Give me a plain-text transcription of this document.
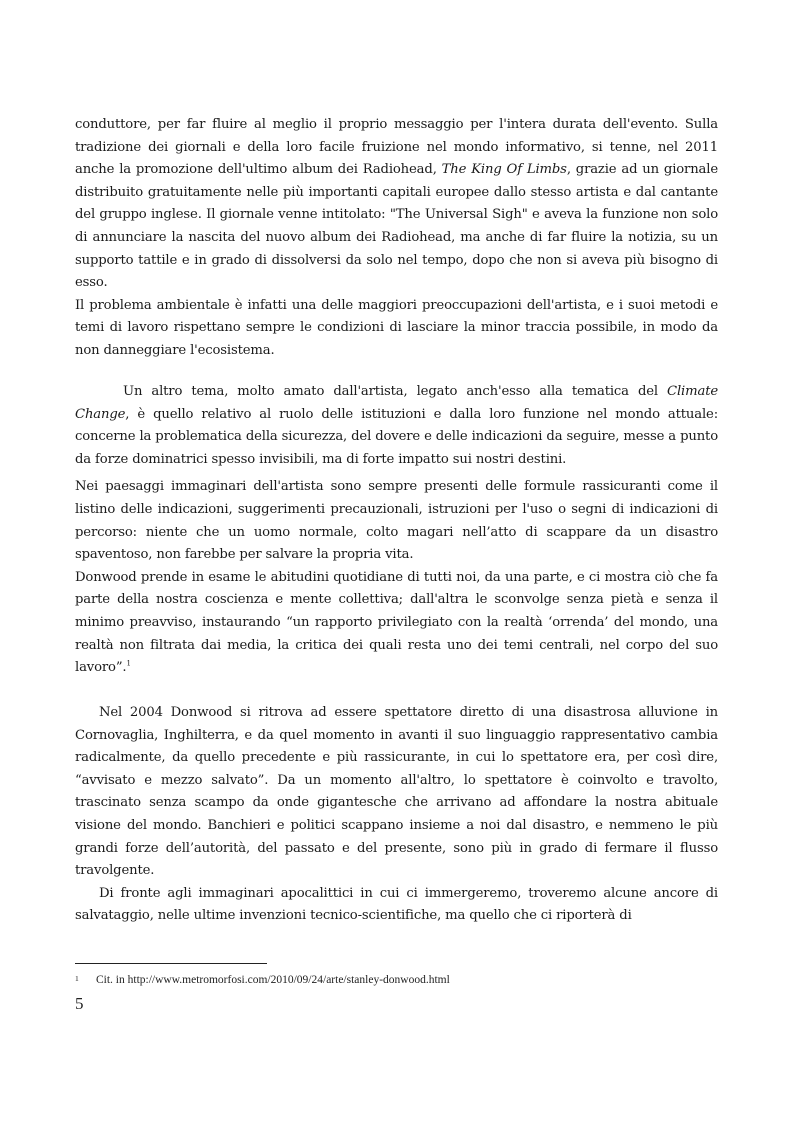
conduttore, per far fluire al meglio il proprio messaggio per l'intera durata dell'evento. Sulla tradizione dei giornali e della loro facile fruizione nel mondo informativo, si tenne, nel 2011 anche la promozione dell'ultimo album dei Radiohead, The King Of Limbs, grazie ad un giornale distribuito gratuitamente nelle più importanti capitali europee dallo stesso artista e dal cantante del gruppo inglese. Il giornale venne intitolato: "The Universal Sigh" e aveva la funzione non solo di annunciare la nascita del nuovo album dei Radiohead, ma anche di far fluire la notizia, su un supporto tattile e in grado di dissolversi da solo nel tempo, dopo che non si aveva più bisogno di esso.

Il problema ambientale è infatti una delle maggiori preoccupazioni dell'artista, e i suoi metodi e temi di lavoro rispettano sempre le condizioni di lasciare la minor traccia possibile, in modo da non danneggiare l'ecosistema.

Un altro tema, molto amato dall'artista, legato anch'esso alla tematica del Climate Change, è quello relativo al ruolo delle istituzioni e dalla loro funzione nel mondo attuale: concerne la problematica della sicurezza, del dovere e delle indicazioni da seguire, messe a punto da forze dominatrici spesso invisibili, ma di forte impatto sui nostri destini.

Nei paesaggi immaginari dell'artista sono sempre presenti delle formule rassicuranti come il listino delle indicazioni, suggerimenti precauzionali, istruzioni per l'uso o segni di indicazioni di percorso: niente che un uomo normale, colto magari nell’atto di scappare da un disastro spaventoso, non farebbe per salvare la propria vita.

Donwood prende in esame le abitudini quotidiane di tutti noi, da una parte, e ci mostra ciò che fa parte della nostra coscienza e mente collettiva; dall'altra le sconvolge senza pietà e senza il minimo preavviso, instaurando “un rapporto privilegiato con la realtà ‘orrenda’ del mondo, una realtà non filtrata dai media, la critica dei quali resta uno dei temi centrali, nel corpo del suo lavoro”.$^1$

Nel 2004 Donwood si ritrova ad essere spettatore diretto di una disastrosa alluvione in Cornovaglia, Inghilterra, e da quel momento in avanti il suo linguaggio rappresentativo cambia radicalmente, da quello precedente e più rassicurante, in cui lo spettatore era, per così dire, “avvisato e mezzo salvato”. Da un momento all'altro, lo spettatore è coinvolto e travolto, trascinato senza scampo da onde gigantesche che arrivano ad affondare la nostra abituale visione del mondo. Banchieri e politici scappano insieme a noi dal disastro, e nemmeno le più grandi forze dell’autorità, del passato e del presente, sono più in grado di fermare il flusso travolgente.

Di fronte agli immaginari apocalittici in cui ci immergeremo, troveremo alcune ancore di salvataggio, nelle ultime invenzioni tecnico-scientifiche, ma quello che ci riporterà di

1 Cit. in http://www.metromorfosi.com/2010/09/24/arte/stanley-donwood.html
5
